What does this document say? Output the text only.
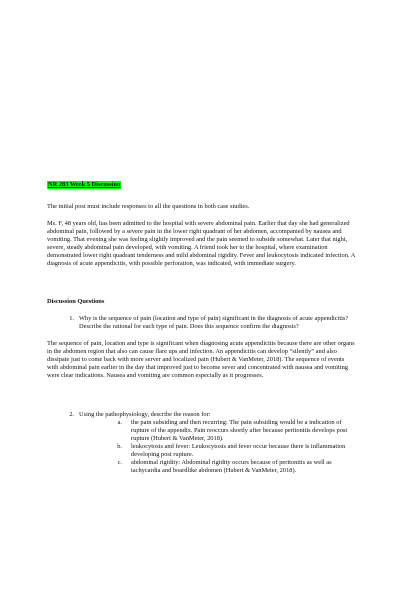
NR 283 Week 5 Discussion

The initial post must include responses to all the questions in both case studies.

Ms. F, 48 years old, has been admitted to the hospital with severe abdominal pain. Earlier that day she had generalized abdominal pain, followed by a severe pain in the lower right quadrant of her abdomen, accompanied by nausea and vomiting. That evening she was feeling slightly improved and the pain seemed to subside somewhat. Later that night, severe, steady abdominal pain developed, with vomiting. A friend took her to the hospital, where examination demonstrated lower right quadrant tenderness and mild abdominal rigidity. Fever and leukocytosis indicated infection. A diagnosis of acute appendicitis, with possible perforation, was indicated, with immediate surgery.

Discussion Questions

1. Why is the sequence of pain (location and type of pain) significant in the diagnosis of acute appendicitis? Describe the rational for each type of pain. Does this sequence confirm the diagnosis?

The sequence of pain, location and type is significant when diagnosing acute appendicitis because there are other organs in the abdomen region that also can cause flare ups and infection. An appendicitis can develop “silently” and also dissipate just to come back with more server and localized pain (Hubert & VanMeter, 2018). The sequence of events with abdominal pain earlier in the day that improved just to become sever and concentrated with nausea and vomiting were clear indications. Nausea and vomiting are common especially as it progresses.

2. Using the pathophysiology, describe the reason for:
a.	the pain subsiding and then recurring: The pain subsiding would be a indication of rupture of the appendix. Pain reoccurs shortly after because peritonitis develops post rupture (Hubert & VanMeter, 2018).
b.	leukocytosis and fever: Leukocytosis and fever occur because there is inflammation developing post rupture.
c.	abdominal rigidity: Abdominal rigidity occurs because of peritonitis as well as tachycardia and boardlike abdomen (Hubert & VanMeter, 2018).
